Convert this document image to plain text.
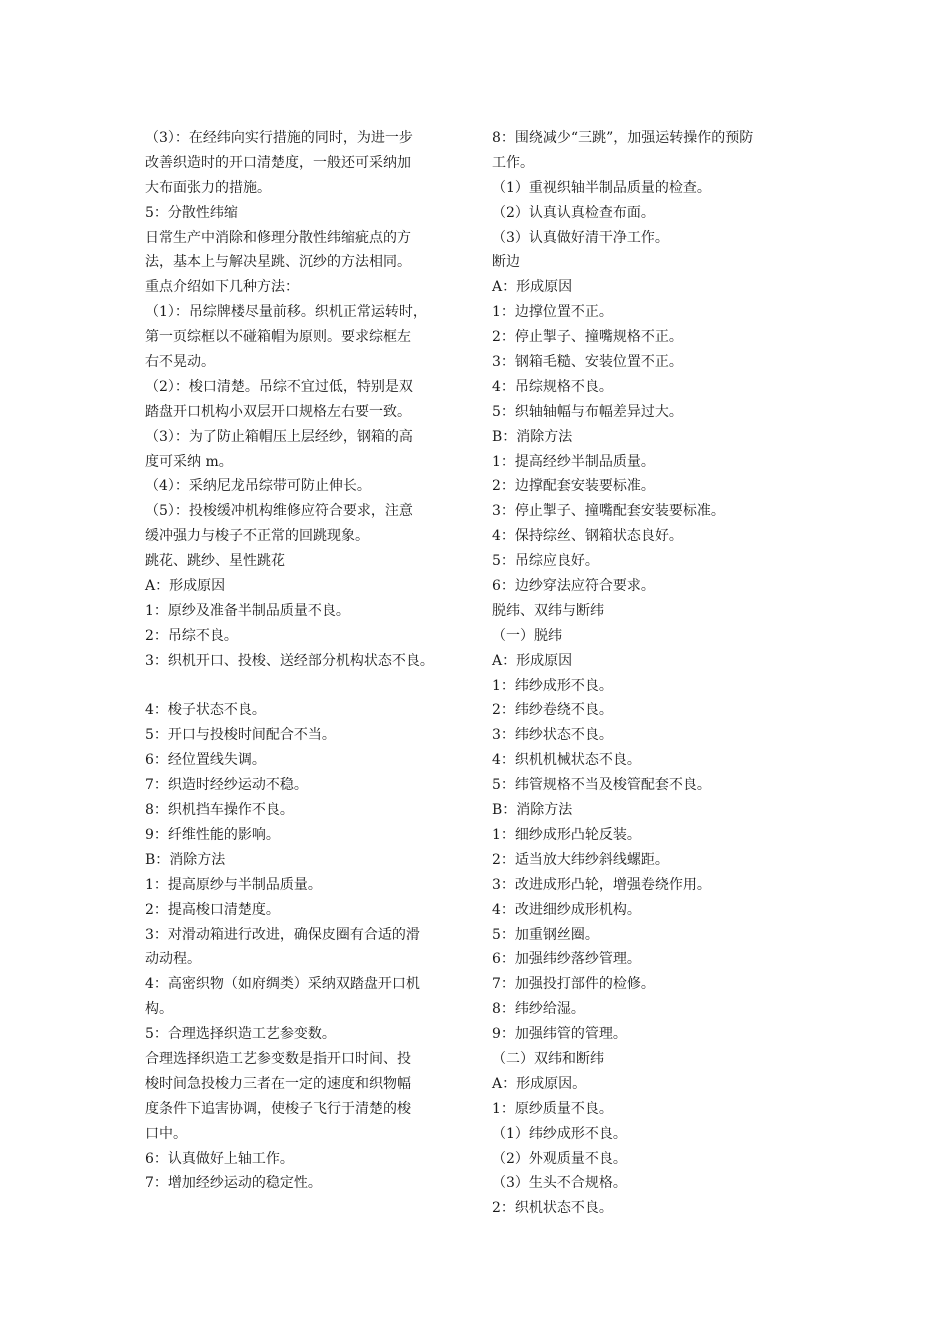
（3）：在经纬向实行措施的同时，为进一步
改善织造时的开口清楚度，一般还可采纳加
大布面张力的措施。
5：分散性纬缩
日常生产中消除和修理分散性纬缩疵点的方
法，基本上与解决星跳、沉纱的方法相同。
重点介绍如下几种方法：
（1）：吊综牌楼尽量前移。织机正常运转时，
第一页综框以不碰箱帽为原则。要求综框左
右不晃动。
（2）：梭口清楚。吊综不宜过低，特别是双
踏盘开口机构小双层开口规格左右要一致。
（3）：为了防止箱帽压上层经纱，钢箱的高
度可采纳 m。
（4）：采纳尼龙吊综带可防止伸长。
（5）：投梭缓冲机构维修应符合要求，注意
缓冲强力与梭子不正常的回跳现象。
跳花、跳纱、星性跳花
A：形成原因
1：原纱及准备半制品质量不良。
2：吊综不良。
3：织机开口、投梭、送经部分机构状态不良。
4：梭子状态不良。
5：开口与投梭时间配合不当。
6：经位置线失调。
7：织造时经纱运动不稳。
8：织机挡车操作不良。
9：纤维性能的影响。
B：消除方法
1：提高原纱与半制品质量。
2：提高梭口清楚度。
3：对滑动箱进行改进，确保皮圈有合适的滑
动动程。
4：高密织物（如府绸类）采纳双踏盘开口机
构。
5：合理选择织造工艺参变数。
合理选择织造工艺参变数是指开口时间、投
梭时间急投梭力三者在一定的速度和织物幅
度条件下追害协调，使梭子飞行于清楚的梭
口中。
6：认真做好上轴工作。
7：增加经纱运动的稳定性。
8：围绕减少“三跳”，加强运转操作的预防
工作。
（1）重视织轴半制品质量的检查。
（2）认真认真检查布面。
（3）认真做好清干净工作。
断边
A：形成原因
1：边撑位置不正。
2：停止掣子、撞嘴规格不正。
3：钢箱毛糙、安装位置不正。
4：吊综规格不良。
5：织轴轴幅与布幅差异过大。
B：消除方法
1：提高经纱半制品质量。
2：边撑配套安装要标准。
3：停止掣子、撞嘴配套安装要标准。
4：保持综丝、钢箱状态良好。
5：吊综应良好。
6：边纱穿法应符合要求。
脱纬、双纬与断纬
（一）脱纬
A：形成原因
1：纬纱成形不良。
2：纬纱卷绕不良。
3：纬纱状态不良。
4：织机机械状态不良。
5：纬管规格不当及梭管配套不良。
B：消除方法
1：细纱成形凸轮反装。
2：适当放大纬纱斜线螺距。
3：改进成形凸轮，增强卷绕作用。
4：改进细纱成形机构。
5：加重钢丝圈。
6：加强纬纱落纱管理。
7：加强投打部件的检修。
8：纬纱给湿。
9：加强纬管的管理。
（二）双纬和断纬
A：形成原因。
1：原纱质量不良。
（1）纬纱成形不良。
（2）外观质量不良。
（3）生头不合规格。
2：织机状态不良。
